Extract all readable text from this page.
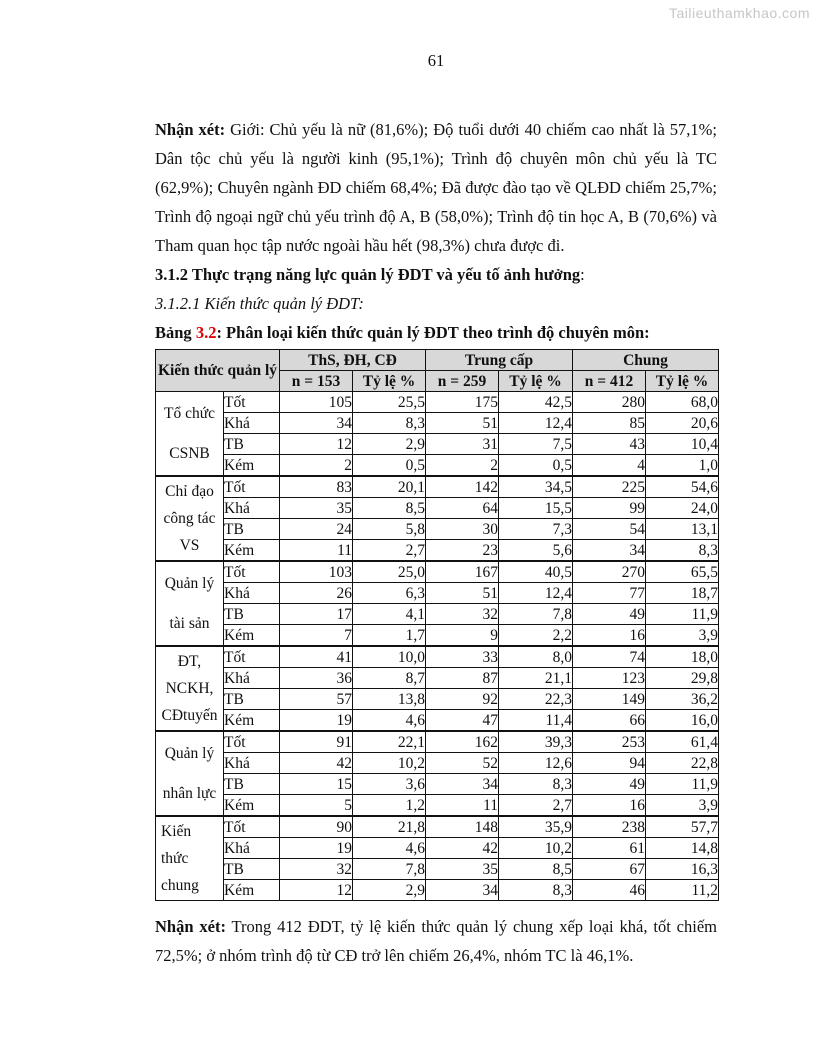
Tailieuthamkhao.com
61

Nhận xét: Giới: Chủ yếu là nữ (81,6%); Độ tuổi dưới 40 chiếm cao nhất là 57,1%; Dân tộc chủ yếu là người kinh (95,1%); Trình độ chuyên môn chủ yếu là TC (62,9%); Chuyên ngành ĐD chiếm 68,4%; Đã được đào tạo về QLĐD chiếm 25,7%; Trình độ ngoại ngữ chủ yếu trình độ A, B (58,0%); Trình độ tin học A, B (70,6%) và Tham quan học tập nước ngoài hầu hết (98,3%) chưa được đi.

3.1.2 Thực trạng năng lực quản lý ĐDT và yếu tố ảnh hưởng:

3.1.2.1 Kiến thức quản lý ĐDT:

Bảng 3.2: Phân loại kiến thức quản lý ĐDT theo trình độ chuyên môn:

Kiến thức quản lý		ThS, ĐH, CĐ		Trung cấp		Chung	
		n = 153	Tỷ lệ %	n = 259	Tỷ lệ %	n = 412	Tỷ lệ %
Tổ chức
CSNB	Tốt	105	25,5	175	42,5	280	68,0
	Khá	34	8,3	51	12,4	85	20,6
	TB	12	2,9	31	7,5	43	10,4
	Kém	2	0,5	2	0,5	4	1,0
Chỉ đạo
công tác
VS	Tốt	83	20,1	142	34,5	225	54,6
	Khá	35	8,5	64	15,5	99	24,0
	TB	24	5,8	30	7,3	54	13,1
	Kém	11	2,7	23	5,6	34	8,3
Quản lý
tài sản	Tốt	103	25,0	167	40,5	270	65,5
	Khá	26	6,3	51	12,4	77	18,7
	TB	17	4,1	32	7,8	49	11,9
	Kém	7	1,7	9	2,2	16	3,9
ĐT,
NCKH,
CĐtuyến	Tốt	41	10,0	33	8,0	74	18,0
	Khá	36	8,7	87	21,1	123	29,8
	TB	57	13,8	92	22,3	149	36,2
	Kém	19	4,6	47	11,4	66	16,0
Quản lý
nhân lực	Tốt	91	22,1	162	39,3	253	61,4
	Khá	42	10,2	52	12,6	94	22,8
	TB	15	3,6	34	8,3	49	11,9
	Kém	5	1,2	11	2,7	16	3,9
Kiến
thức
chung	Tốt	90	21,8	148	35,9	238	57,7
	Khá	19	4,6	42	10,2	61	14,8
	TB	32	7,8	35	8,5	67	16,3
	Kém	12	2,9	34	8,3	46	11,2

Nhận xét: Trong 412 ĐDT, tỷ lệ kiến thức quản lý chung xếp loại khá, tốt chiếm 72,5%; ở nhóm trình độ từ CĐ trở lên chiếm 26,4%, nhóm TC là 46,1%.
